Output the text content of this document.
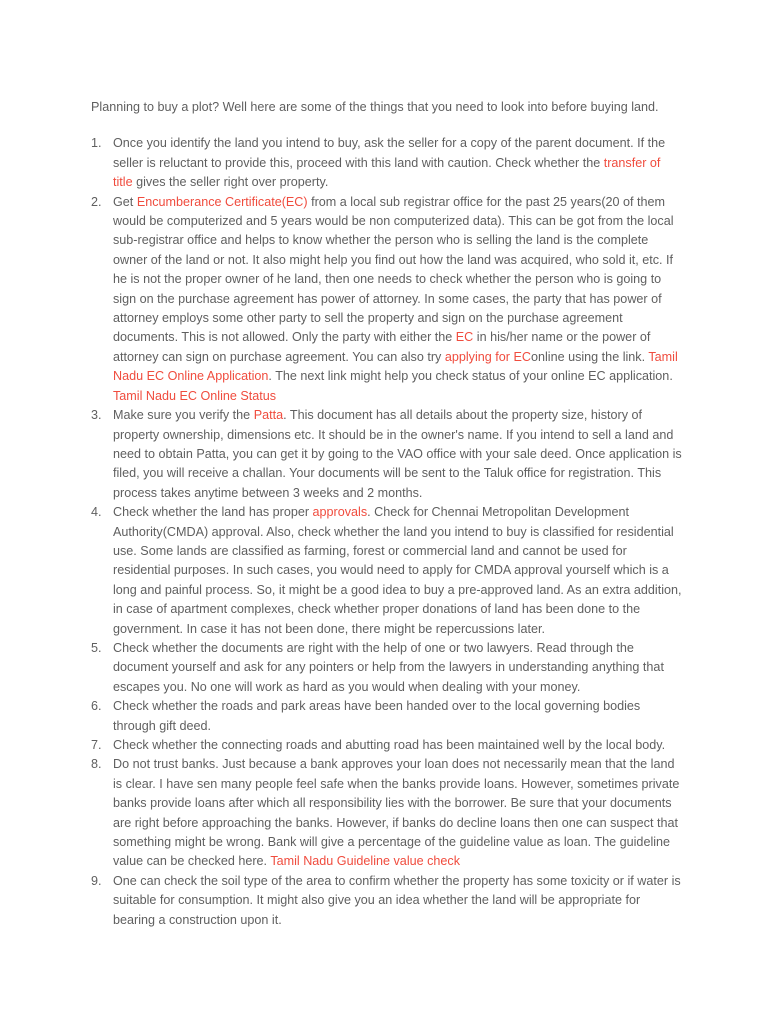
Planning to buy a plot? Well here are some of the things that you need to look into before buying land.

1. Once you identify the land you intend to buy, ask the seller for a copy of the parent document. If the seller is reluctant to provide this, proceed with this land with caution. Check whether the transfer of title gives the seller right over property.
2. Get Encumberance Certificate(EC) from a local sub registrar office for the past 25 years(20 of them would be computerized and 5 years would be non computerized data). This can be got from the local sub-registrar office and helps to know whether the person who is selling the land is the complete owner of the land or not. It also might help you find out how the land was acquired, who sold it, etc. If he is not the proper owner of he land, then one needs to check whether the person who is going to sign on the purchase agreement has power of attorney. In some cases, the party that has power of attorney employs some other party to sell the property and sign on the purchase agreement documents. This is not allowed. Only the party with either the EC in his/her name or the power of attorney can sign on purchase agreement. You can also try applying for EConline using the link. Tamil Nadu EC Online Application. The next link might help you check status of your online EC application. Tamil Nadu EC Online Status
3. Make sure you verify the Patta. This document has all details about the property size, history of property ownership, dimensions etc. It should be in the owner's name. If you intend to sell a land and need to obtain Patta, you can get it by going to the VAO office with your sale deed. Once application is filed, you will receive a challan. Your documents will be sent to the Taluk office for registration. This process takes anytime between 3 weeks and 2 months.
4. Check whether the land has proper approvals. Check for Chennai Metropolitan Development Authority(CMDA) approval. Also, check whether the land you intend to buy is classified for residential use. Some lands are classified as farming, forest or commercial land and cannot be used for residential purposes. In such cases, you would need to apply for CMDA approval yourself which is a long and painful process. So, it might be a good idea to buy a pre-approved land. As an extra addition, in case of apartment complexes, check whether proper donations of land has been done to the government. In case it has not been done, there might be repercussions later.
5. Check whether the documents are right with the help of one or two lawyers. Read through the document yourself and ask for any pointers or help from the lawyers in understanding anything that escapes you. No one will work as hard as you would when dealing with your money.
6. Check whether the roads and park areas have been handed over to the local governing bodies through gift deed.
7. Check whether the connecting roads and abutting road has been maintained well by the local body.
8. Do not trust banks. Just because a bank approves your loan does not necessarily mean that the land is clear. I have sen many people feel safe when the banks provide loans. However, sometimes private banks provide loans after which all responsibility lies with the borrower. Be sure that your documents are right before approaching the banks. However, if banks do decline loans then one can suspect that something might be wrong. Bank will give a percentage of the guideline value as loan. The guideline value can be checked here. Tamil Nadu Guideline value check
9. One can check the soil type of the area to confirm whether the property has some toxicity or if water is suitable for consumption. It might also give you an idea whether the land will be appropriate for bearing a construction upon it.
